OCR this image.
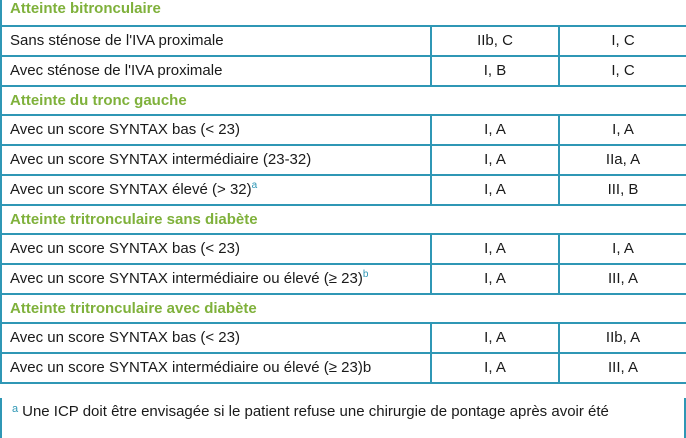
Atteinte bitronculaire		
Sans sténose de l'IVA proximale	IIb, C	I, C
Avec sténose de l'IVA proximale	I, B	I, C
Atteinte du tronc gauche		
Avec un score SYNTAX bas (< 23)	I, A	I, A
Avec un score SYNTAX intermédiaire (23-32)	I, A	IIa, A
Avec un score SYNTAX élevé (> 32)$^a$	I, A	III, B
Atteinte tritronculaire sans diabète		
Avec un score SYNTAX bas (< 23)	I, A	I, A
Avec un score SYNTAX intermédiaire ou élevé (≥ 23)$^b$	I, A	III, A
Atteinte tritronculaire avec diabète		
Avec un score SYNTAX bas (< 23)	I, A	IIb, A
Avec un score SYNTAX intermédiaire ou élevé (≥ 23)b	I, A	III, A
$^a$ Une ICP doit être envisagée si le patient refuse une chirurgie de pontage après avoir été
